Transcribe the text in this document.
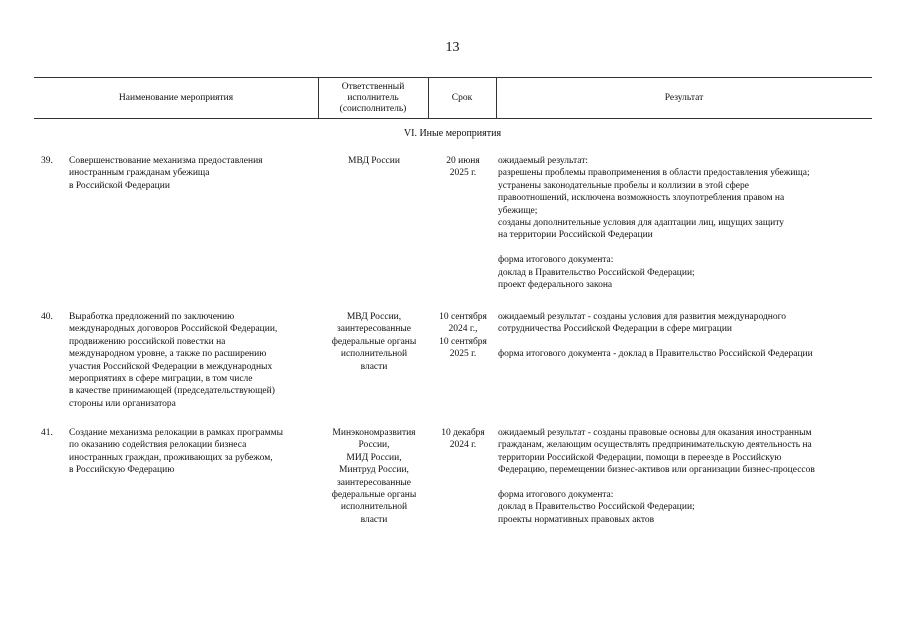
13
Наименование мероприятия
Ответственный
исполнитель
(соисполнитель)
Срок	Результат
VI. Иные мероприятия
39. Совершенствование механизма предоставления
иностранным гражданам убежища
в Российской Федерации
МВД России	20 июня
2025 г.
ожидаемый результат:
разрешены проблемы правоприменения в области предоставления убежища;
устранены законодательные пробелы и коллизии в этой сфере
правоотношений, исключена возможность злоупотребления правом на
убежище;
созданы дополнительные условия для адаптации лиц, ищущих защиту
на территории Российской Федерации
форма итогового документа:
доклад в Правительство Российской Федерации;
проект федерального закона
40. Выработка предложений по заключению
международных договоров Российской Федерации,
продвижению российской повестки на
международном уровне, а также по расширению
участия Российской Федерации в международных
мероприятиях в сфере миграции, в том числе
в качестве принимающей (председательствующей)
стороны или организатора
МВД России,
заинтересованные
федеральные органы
исполнительной
власти
10 сентября
2024 г.,
10 сентября
2025 г.
ожидаемый результат - созданы условия для развития международного
сотрудничества Российской Федерации в сфере миграции
форма итогового документа - доклад в Правительство Российской Федерации
41. Создание механизма релокации в рамках программы
по оказанию содействия релокации бизнеса
иностранных граждан, проживающих за рубежом,
в Российскую Федерацию
Минэкономразвития
России,
МИД России,
Минтруд России,
заинтересованные
федеральные органы
исполнительной
власти
10 декабря
2024 г.
ожидаемый результат - созданы правовые основы для оказания иностранным
гражданам, желающим осуществлять предпринимательскую деятельность на
территории Российской Федерации, помощи в переезде в Российскую
Федерацию, перемещении бизнес-активов или организации бизнес-процессов
форма итогового документа:
доклад в Правительство Российской Федерации;
проекты нормативных правовых актов
